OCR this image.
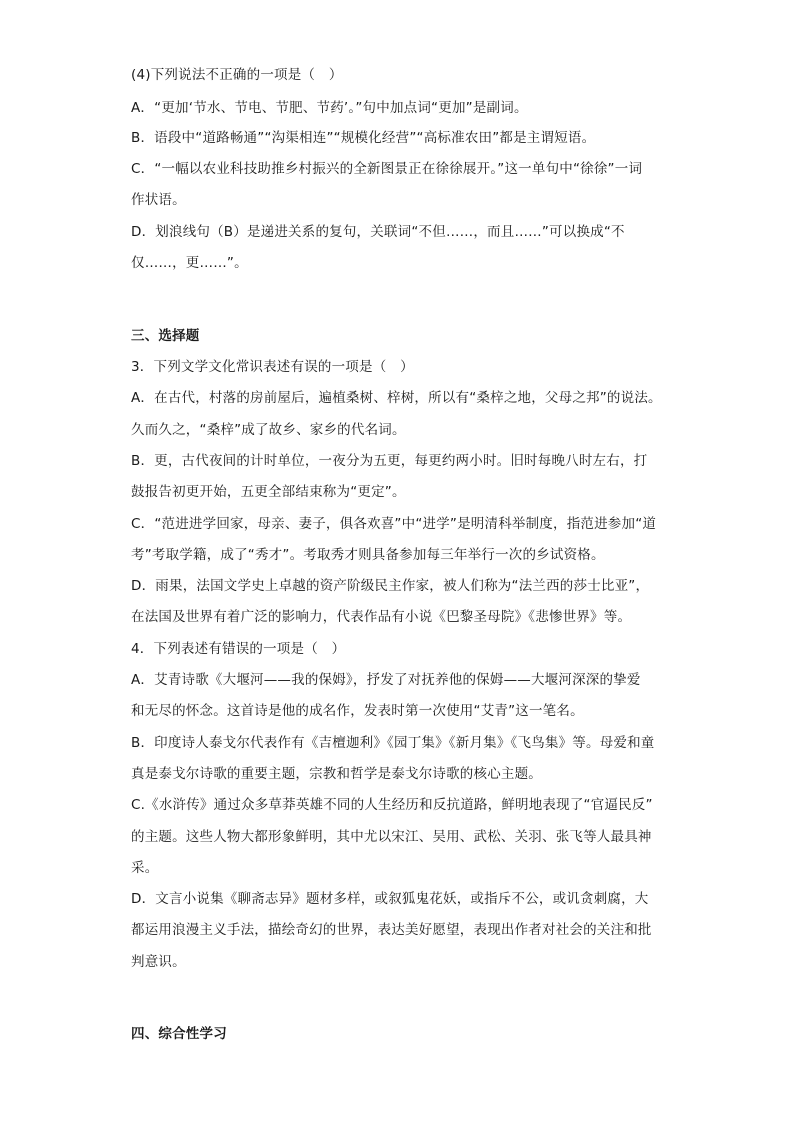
(4)下列说法不正确的一项是（　）
A．“更加‘节水、节电、节肥、节药’。”句中加点词“更加”是副词。
B．语段中“道路畅通”“沟渠相连”“规模化经营”“高标准农田”都是主谓短语。
C．“一幅以农业科技助推乡村振兴的全新图景正在徐徐展开。”这一单句中“徐徐”一词
作状语。
D．划浪线句（B）是递进关系的复句，关联词“不但……，而且……”可以换成“不
仅……，更……”。
三、选择题
3．下列文学文化常识表述有误的一项是（　）
A．在古代，村落的房前屋后，遍植桑树、梓树，所以有“桑梓之地，父母之邦”的说法。
久而久之，“桑梓”成了故乡、家乡的代名词。
B．更，古代夜间的计时单位，一夜分为五更，每更约两小时。旧时每晚八时左右，打
鼓报告初更开始，五更全部结束称为“更定”。
C．“范进进学回家，母亲、妻子，俱各欢喜”中“进学”是明清科举制度，指范进参加“道
考”考取学籍，成了“秀才”。考取秀才则具备参加每三年举行一次的乡试资格。
D．雨果，法国文学史上卓越的资产阶级民主作家，被人们称为“法兰西的莎士比亚”，
在法国及世界有着广泛的影响力，代表作品有小说《巴黎圣母院》《悲惨世界》等。
4．下列表述有错误的一项是（　）
A．艾青诗歌《大堰河——我的保姆》，抒发了对抚养他的保姆——大堰河深深的挚爱
和无尽的怀念。这首诗是他的成名作，发表时第一次使用“艾青”这一笔名。
B．印度诗人泰戈尔代表作有《吉檀迦利》《园丁集》《新月集》《飞鸟集》等。母爱和童
真是泰戈尔诗歌的重要主题，宗教和哲学是泰戈尔诗歌的核心主题。
C.《水浒传》通过众多草莽英雄不同的人生经历和反抗道路，鲜明地表现了“官逼民反”
的主题。这些人物大都形象鲜明，其中尤以宋江、吴用、武松、关羽、张飞等人最具神
采。
D．文言小说集《聊斋志异》题材多样，或叙狐鬼花妖，或指斥不公，或讥贪刺腐，大
都运用浪漫主义手法，描绘奇幻的世界，表达美好愿望，表现出作者对社会的关注和批
判意识。
四、综合性学习
